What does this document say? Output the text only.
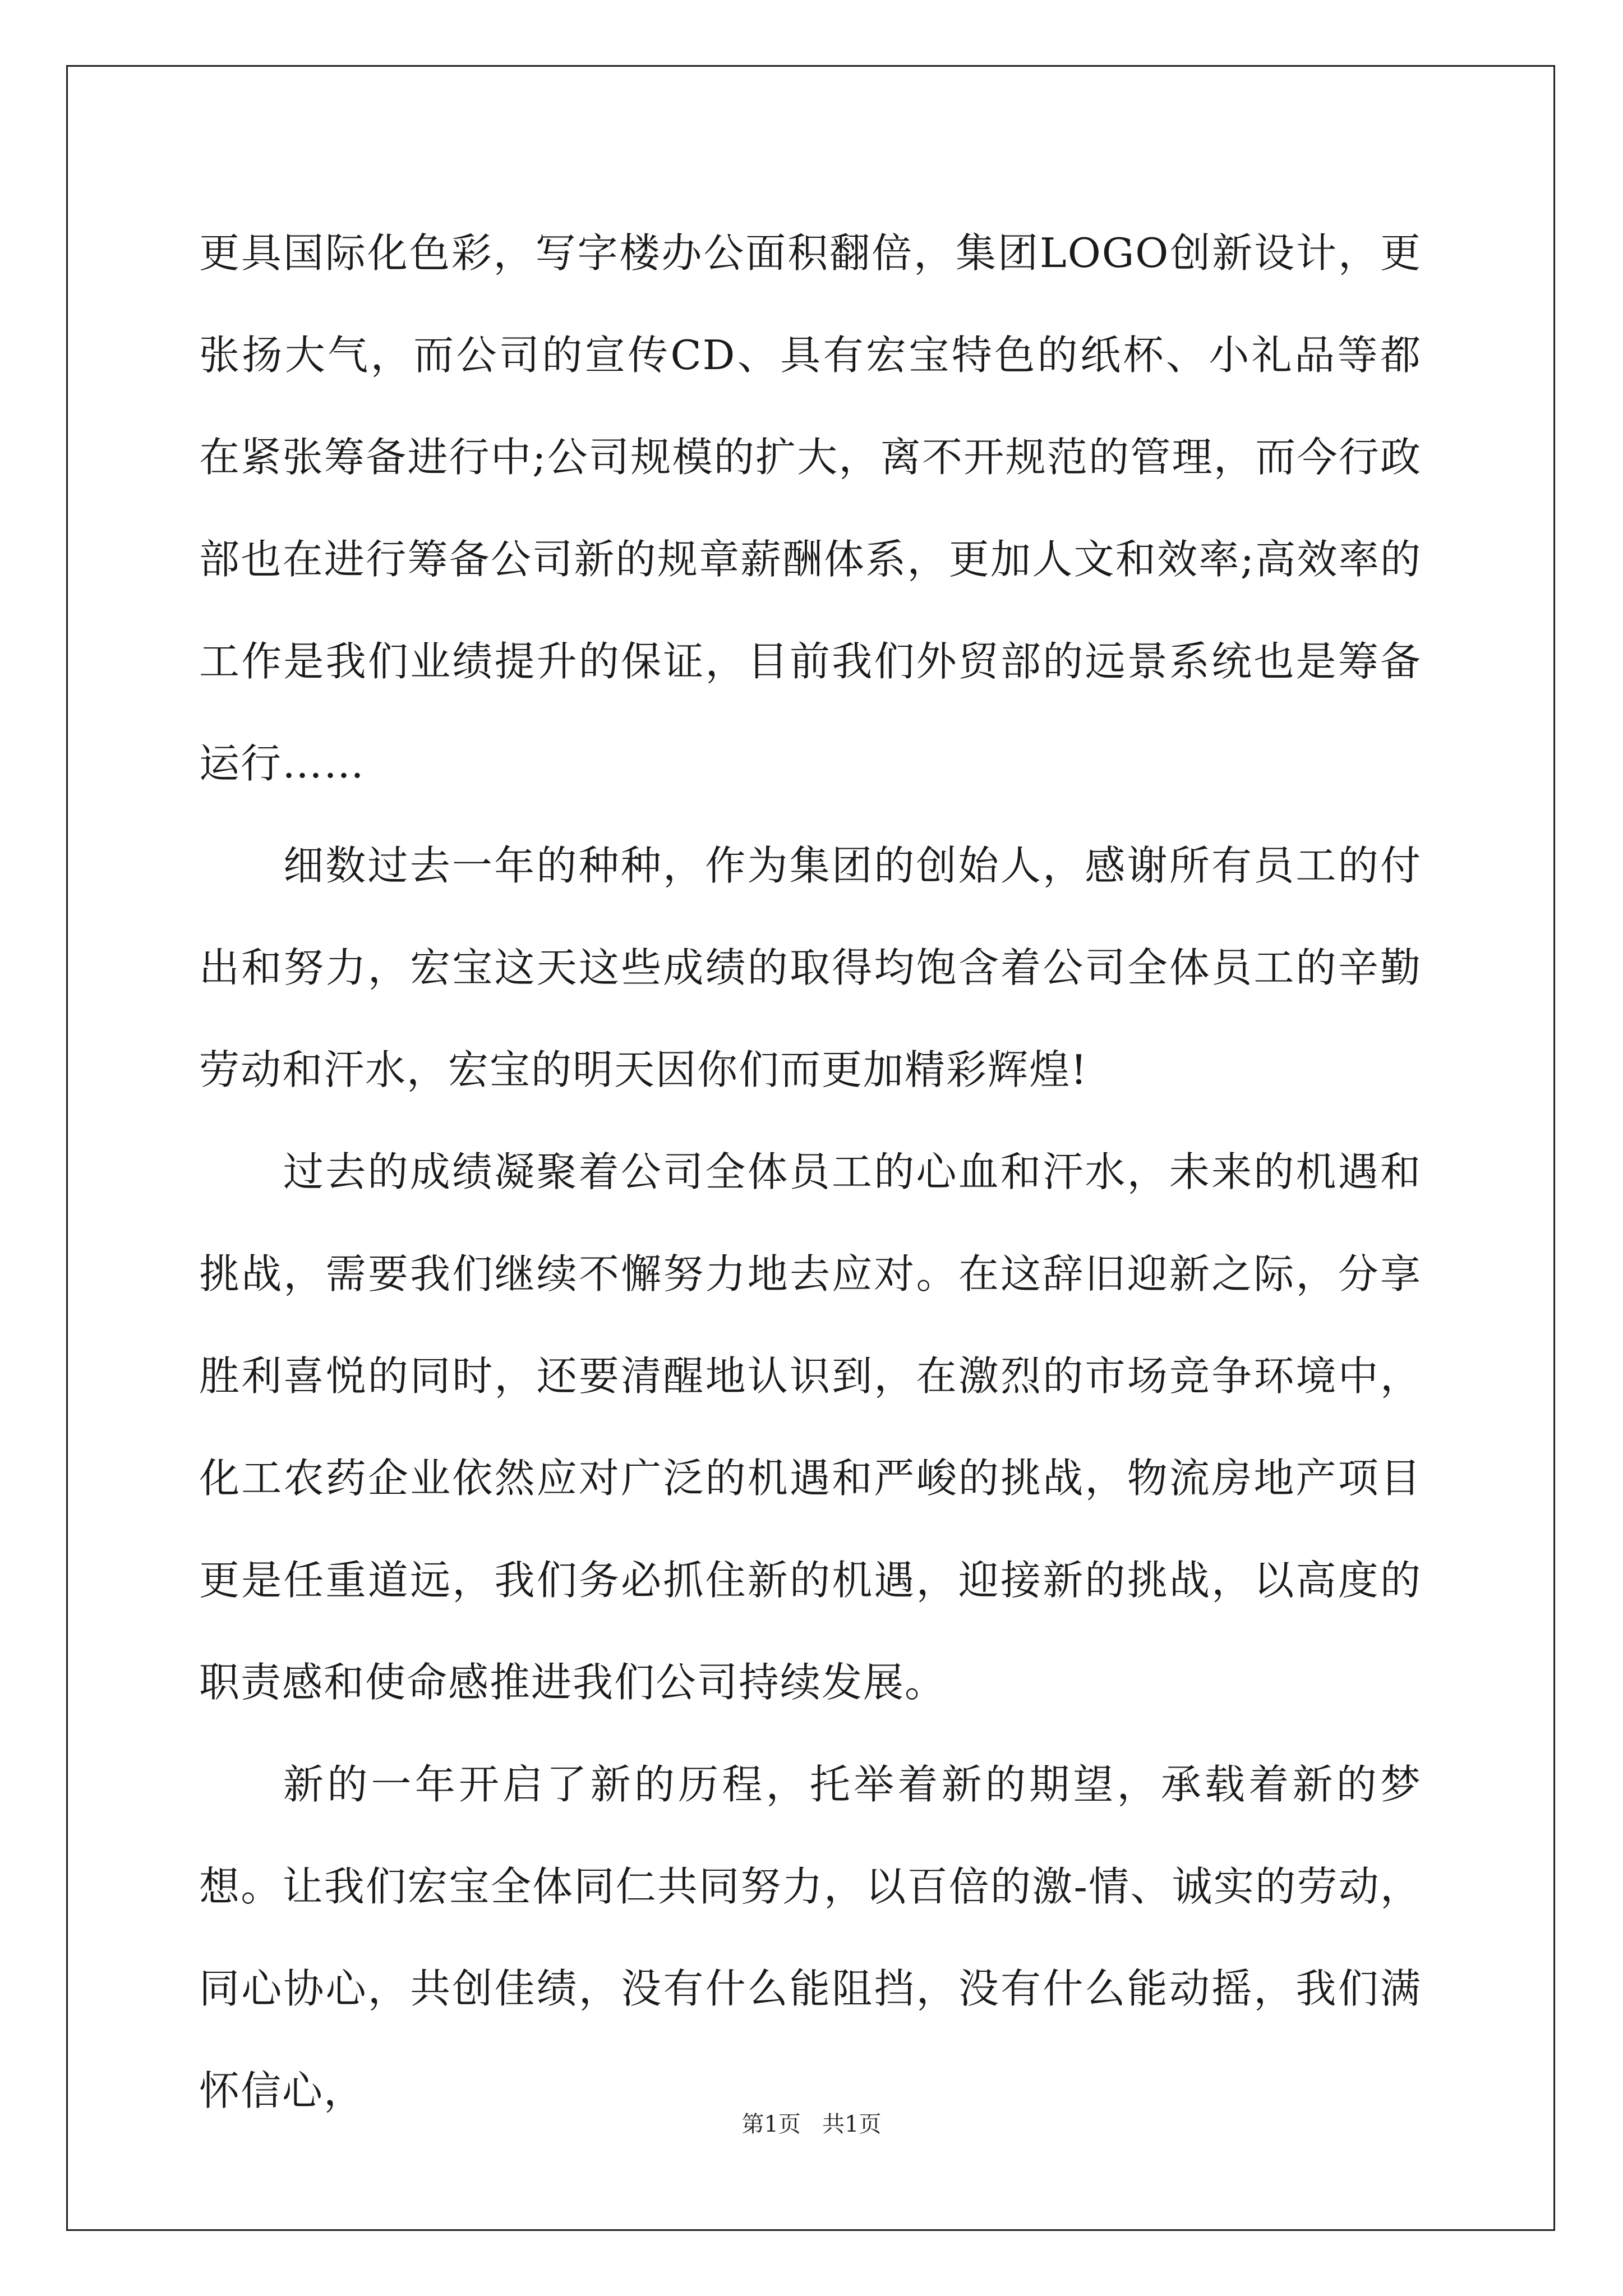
更具国际化色彩，写字楼办公面积翻倍，集团LOGO创新设计，更张扬大气，而公司的宣传CD、具有宏宝特色的纸杯、小礼品等都在紧张筹备进行中;公司规模的扩大，离不开规范的管理，而今行政部也在进行筹备公司新的规章薪酬体系，更加人文和效率;高效率的工作是我们业绩提升的保证，目前我们外贸部的远景系统也是筹备运行……

细数过去一年的种种，作为集团的创始人，感谢所有员工的付出和努力，宏宝这天这些成绩的取得均饱含着公司全体员工的辛勤劳动和汗水，宏宝的明天因你们而更加精彩辉煌!

过去的成绩凝聚着公司全体员工的心血和汗水，未来的机遇和挑战，需要我们继续不懈努力地去应对。在这辞旧迎新之际，分享胜利喜悦的同时，还要清醒地认识到，在激烈的市场竞争环境中，化工农药企业依然应对广泛的机遇和严峻的挑战，物流房地产项目更是任重道远，我们务必抓住新的机遇，迎接新的挑战，以高度的职责感和使命感推进我们公司持续发展。

新的一年开启了新的历程，托举着新的期望，承载着新的梦想。让我们宏宝全体同仁共同努力，以百倍的激-情、诚实的劳动，同心协心，共创佳绩，没有什么能阻挡，没有什么能动摇，我们满怀信心，

第1页   共1页
